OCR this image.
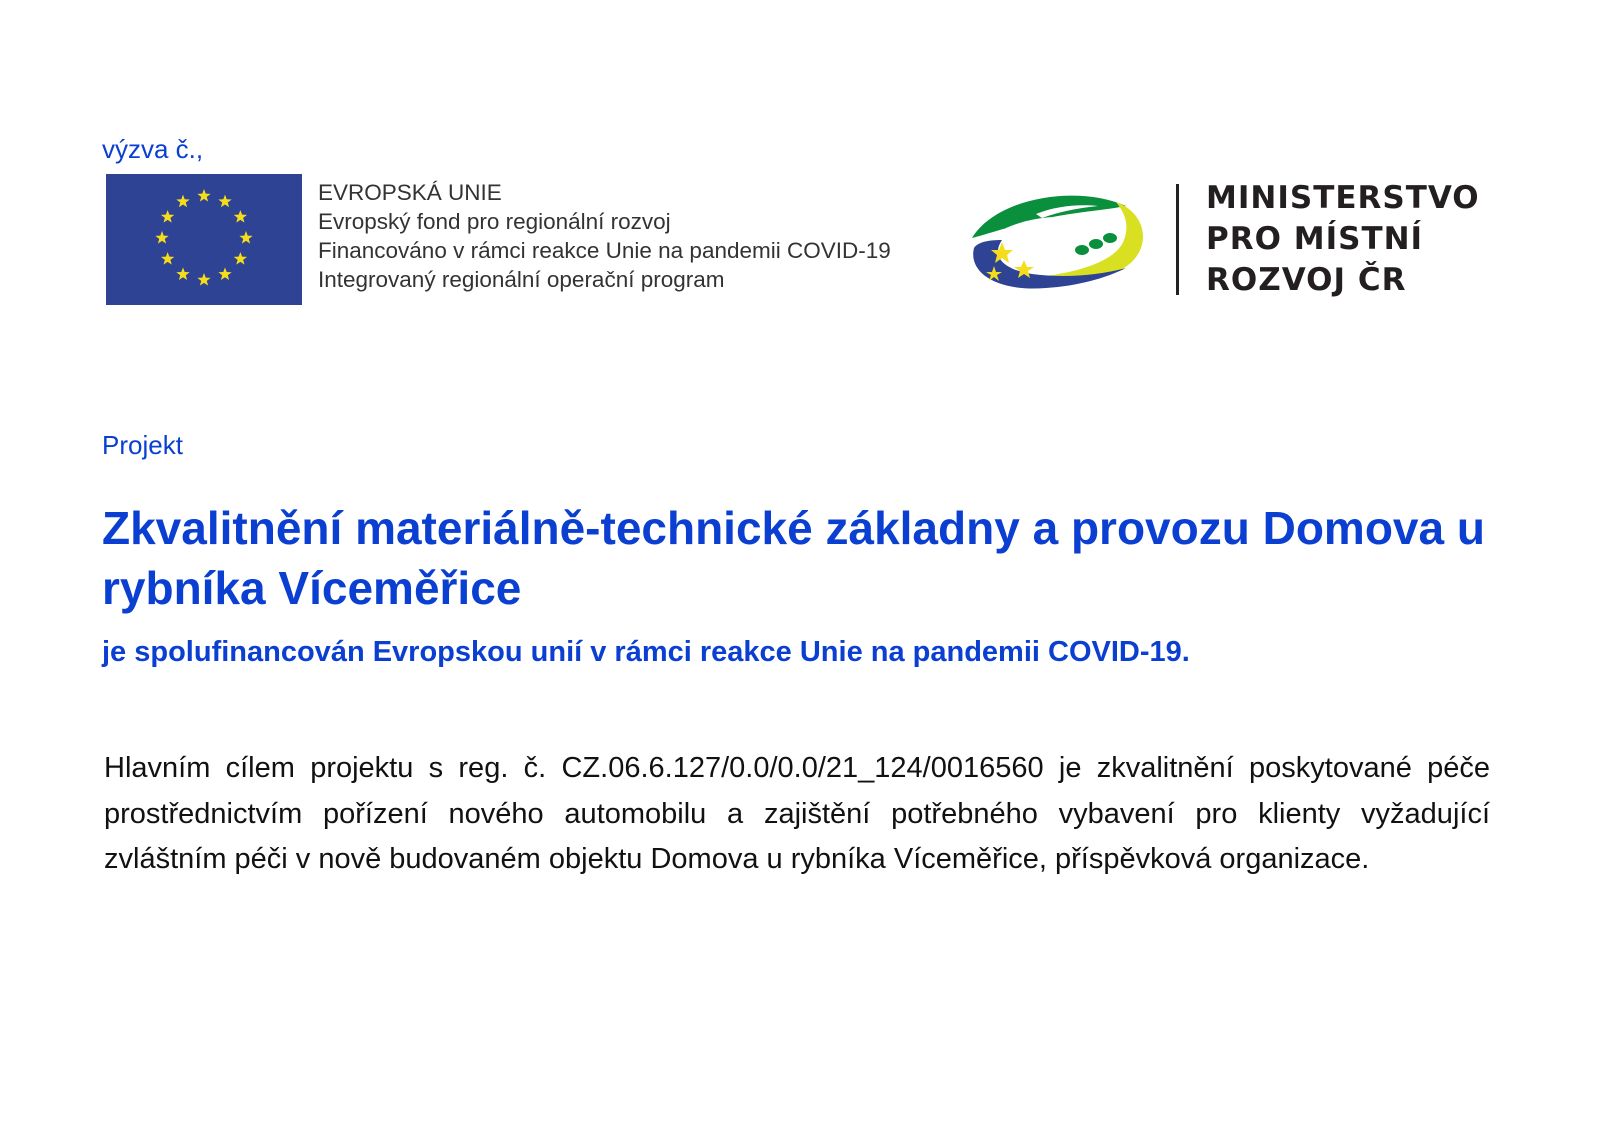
výzva č.,
EVROPSKÁ UNIE
Evropský fond pro regionální rozvoj
Financováno v rámci reakce Unie na pandemii COVID-19
Integrovaný regionální operační program
MINISTERSTVO
PRO MÍSTNÍ
ROZVOJ ČR
Projekt
Zkvalitnění materiálně-technické základny a provozu Domova u rybníka Víceměřice
je spolufinancován Evropskou unií v rámci reakce Unie na pandemii COVID-19.

Hlavním cílem projektu s reg. č. CZ.06.6.127/0.0/0.0/21_124/0016560 je zkvalitnění poskytované péče prostřednictvím pořízení nového automobilu a zajištění potřebného vybavení pro klienty vyžadující zvláštním péči v nově budovaném objektu Domova u rybníka Víceměřice, příspěvková organizace.
